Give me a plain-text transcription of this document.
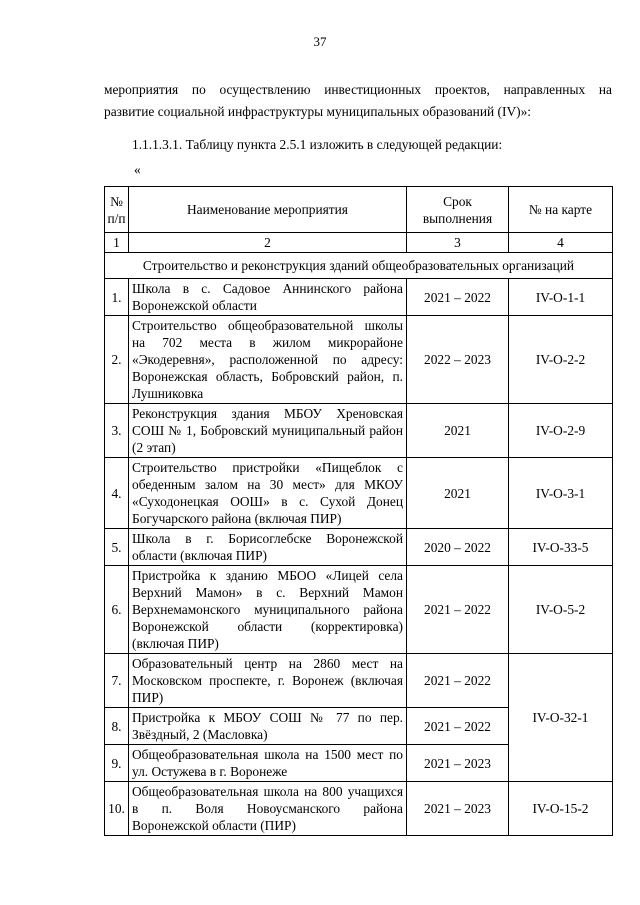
37
мероприятия по осуществлению инвестиционных проектов, направленных на
развитие социальной инфраструктуры муниципальных образований (IV)»:
1.1.1.3.1. Таблицу пункта 2.5.1 изложить в следующей редакции:
«
№ п/п	Наименование мероприятия	Срок выполнения	№ на карте
1	2	3	4
Строительство и реконструкция зданий общеобразовательных организаций			
1.	Школа в с. Садовое Аннинского района Воронежской области	2021 – 2022	IV-O-1-1
2.	Строительство общеобразовательной школы на 702 места в жилом микрорайоне «Экодеревня», расположенной по адресу: Воронежская область, Бобровский район, п. Лушниковка	2022 – 2023	IV-O-2-2
3.	Реконструкция здания МБОУ Хреновская СОШ № 1, Бобровский муниципальный район (2 этап)	2021	IV-O-2-9
4.	Строительство пристройки «Пищеблок с обеденным залом на 30 мест» для МКОУ «Суходонецкая ООШ» в с. Сухой Донец Богучарского района (включая ПИР)	2021	IV-O-3-1
5.	Школа в г. Борисоглебске Воронежской области (включая ПИР)	2020 – 2022	IV-O-33-5
6.	Пристройка к зданию МБОО «Лицей села Верхний Мамон» в с. Верхний Мамон Верхнемамонского муниципального района Воронежской области (корректировка) (включая ПИР)	2021 – 2022	IV-O-5-2
7.	Образовательный центр на 2860 мест на Московском проспекте, г. Воронеж (включая ПИР)	2021 – 2022	IV-O-32-1
8.	Пристройка к МБОУ СОШ № 77 по пер. Звёздный, 2 (Масловка)	2021 – 2022	
9.	Общеобразовательная школа на 1500 мест по ул. Остужева в г. Воронеже	2021 – 2023	
10.	Общеобразовательная школа на 800 учащихся в п. Воля Новоусманского района Воронежской области (ПИР)	2021 – 2023	IV-O-15-2
